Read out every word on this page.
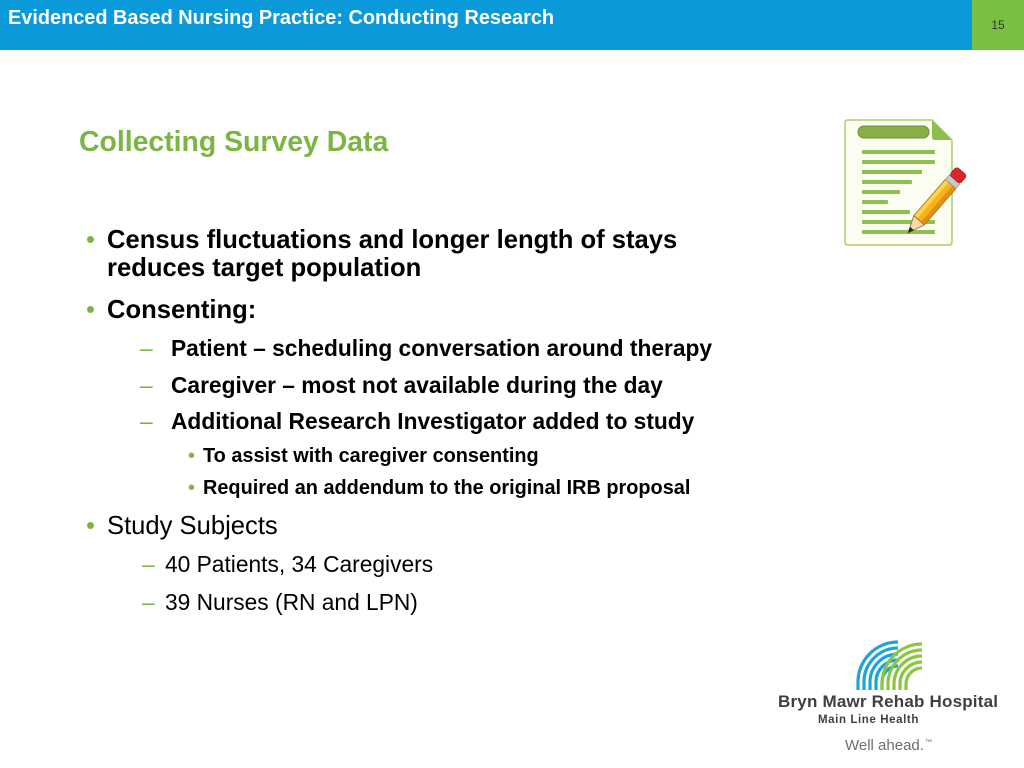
Evidenced Based Nursing Practice: Conducting Research	15
Collecting Survey Data
• Census fluctuations and longer length of stays reduces target population
• Consenting:
– Patient – scheduling conversation around therapy
– Caregiver – most not available during the day
– Additional Research Investigator added to study
• To assist with caregiver consenting
• Required an addendum to the original IRB proposal
• Study Subjects
– 40 Patients, 34 Caregivers
– 39 Nurses (RN and LPN)
Bryn Mawr Rehab Hospital
Main Line Health
Well ahead.™
